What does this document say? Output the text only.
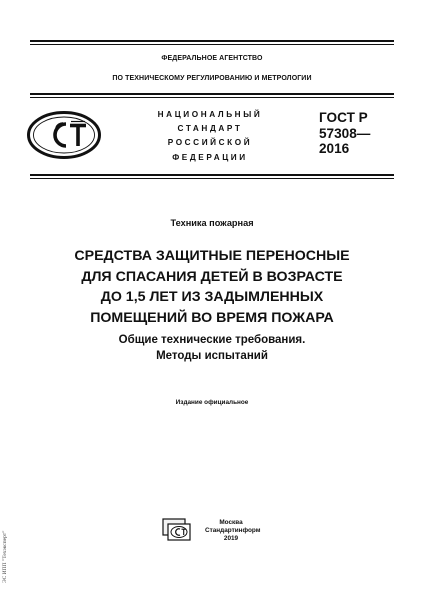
ФЕДЕРАЛЬНОЕ АГЕНТСТВО
ПО ТЕХНИЧЕСКОМУ РЕГУЛИРОВАНИЮ И МЕТРОЛОГИИ
НАЦИОНАЛЬНЫЙ
СТАНДАРТ
РОССИЙСКОЙ
ФЕДЕРАЦИИ
ГОСТ Р
57308—
2016
Техника пожарная
СРЕДСТВА ЗАЩИТНЫЕ ПЕРЕНОСНЫЕ
ДЛЯ СПАСАНИЯ ДЕТЕЙ В ВОЗРАСТЕ
ДО 1,5 ЛЕТ ИЗ ЗАДЫМЛЕННЫХ
ПОМЕЩЕНИЙ ВО ВРЕМЯ ПОЖАРА
Общие технические требования.
Методы испытаний
Издание официальное
Москва
Стандартинформ
2019
ЭС ИПП "Техэксперт"
